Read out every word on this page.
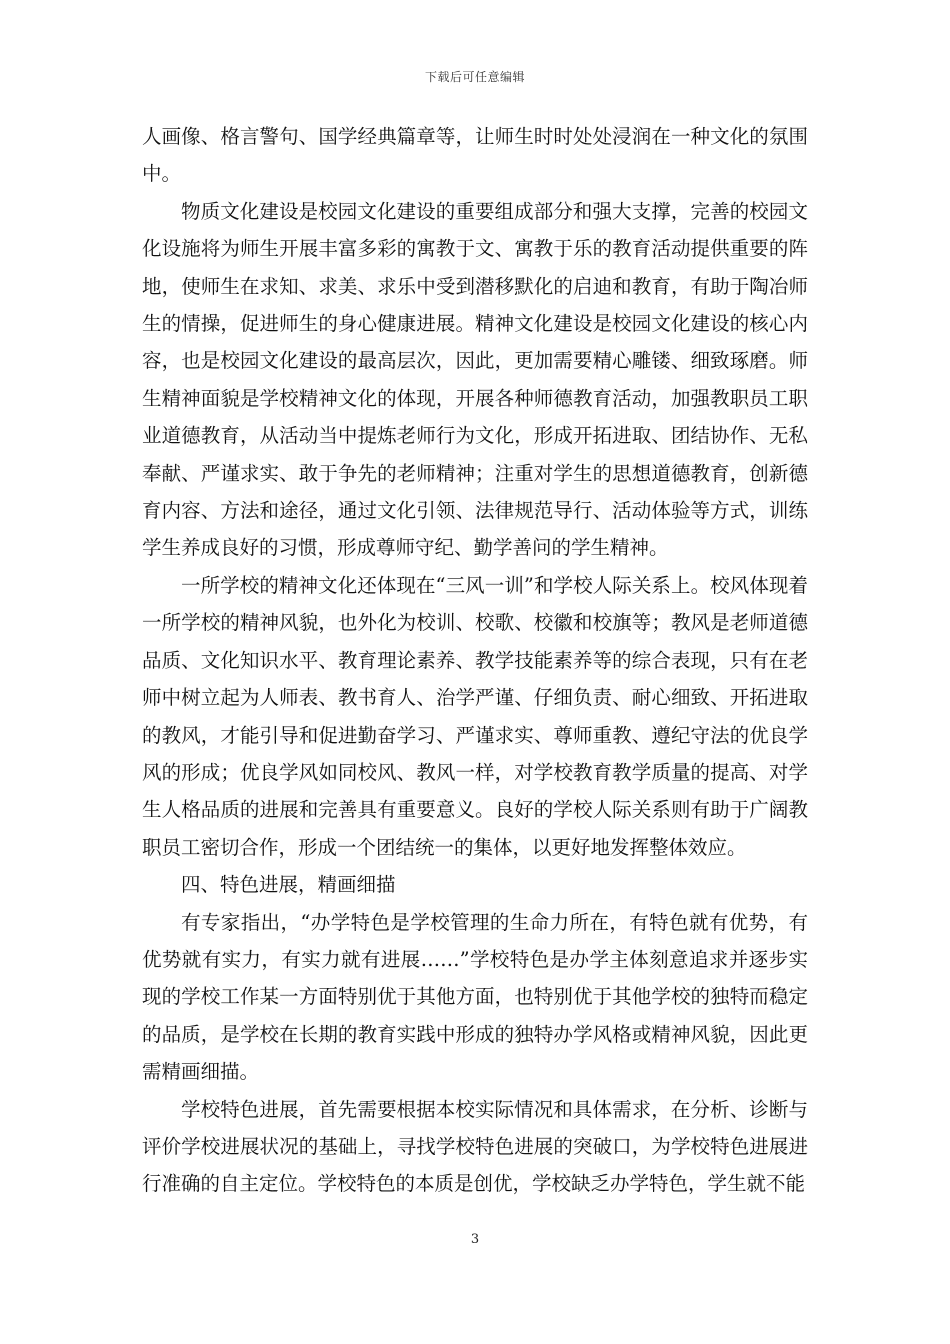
下载后可任意编辑

人画像、格言警句、国学经典篇章等，让师生时时处处浸润在一种文化的氛围中。

物质文化建设是校园文化建设的重要组成部分和强大支撑，完善的校园文化设施将为师生开展丰富多彩的寓教于文、寓教于乐的教育活动提供重要的阵地，使师生在求知、求美、求乐中受到潜移默化的启迪和教育，有助于陶冶师生的情操，促进师生的身心健康进展。精神文化建设是校园文化建设的核心内容，也是校园文化建设的最高层次，因此，更加需要精心雕镂、细致琢磨。师生精神面貌是学校精神文化的体现，开展各种师德教育活动，加强教职员工职业道德教育，从活动当中提炼老师行为文化，形成开拓进取、团结协作、无私奉献、严谨求实、敢于争先的老师精神；注重对学生的思想道德教育，创新德育内容、方法和途径，通过文化引领、法律规范导行、活动体验等方式，训练学生养成良好的习惯，形成尊师守纪、勤学善问的学生精神。

一所学校的精神文化还体现在“三风一训”和学校人际关系上。校风体现着一所学校的精神风貌，也外化为校训、校歌、校徽和校旗等；教风是老师道德品质、文化知识水平、教育理论素养、教学技能素养等的综合表现，只有在老师中树立起为人师表、教书育人、治学严谨、仔细负责、耐心细致、开拓进取的教风，才能引导和促进勤奋学习、严谨求实、尊师重教、遵纪守法的优良学风的形成；优良学风如同校风、教风一样，对学校教育教学质量的提高、对学生人格品质的进展和完善具有重要意义。良好的学校人际关系则有助于广阔教职员工密切合作，形成一个团结统一的集体，以更好地发挥整体效应。

四、特色进展，精画细描

有专家指出，“办学特色是学校管理的生命力所在，有特色就有优势，有优势就有实力，有实力就有进展……”学校特色是办学主体刻意追求并逐步实现的学校工作某一方面特别优于其他方面，也特别优于其他学校的独特而稳定的品质，是学校在长期的教育实践中形成的独特办学风格或精神风貌，因此更需精画细描。

学校特色进展，首先需要根据本校实际情况和具体需求，在分析、诊断与评价学校进展状况的基础上，寻找学校特色进展的突破口，为学校特色进展进行准确的自主定位。学校特色的本质是创优，学校缺乏办学特色，学生就不能

3
